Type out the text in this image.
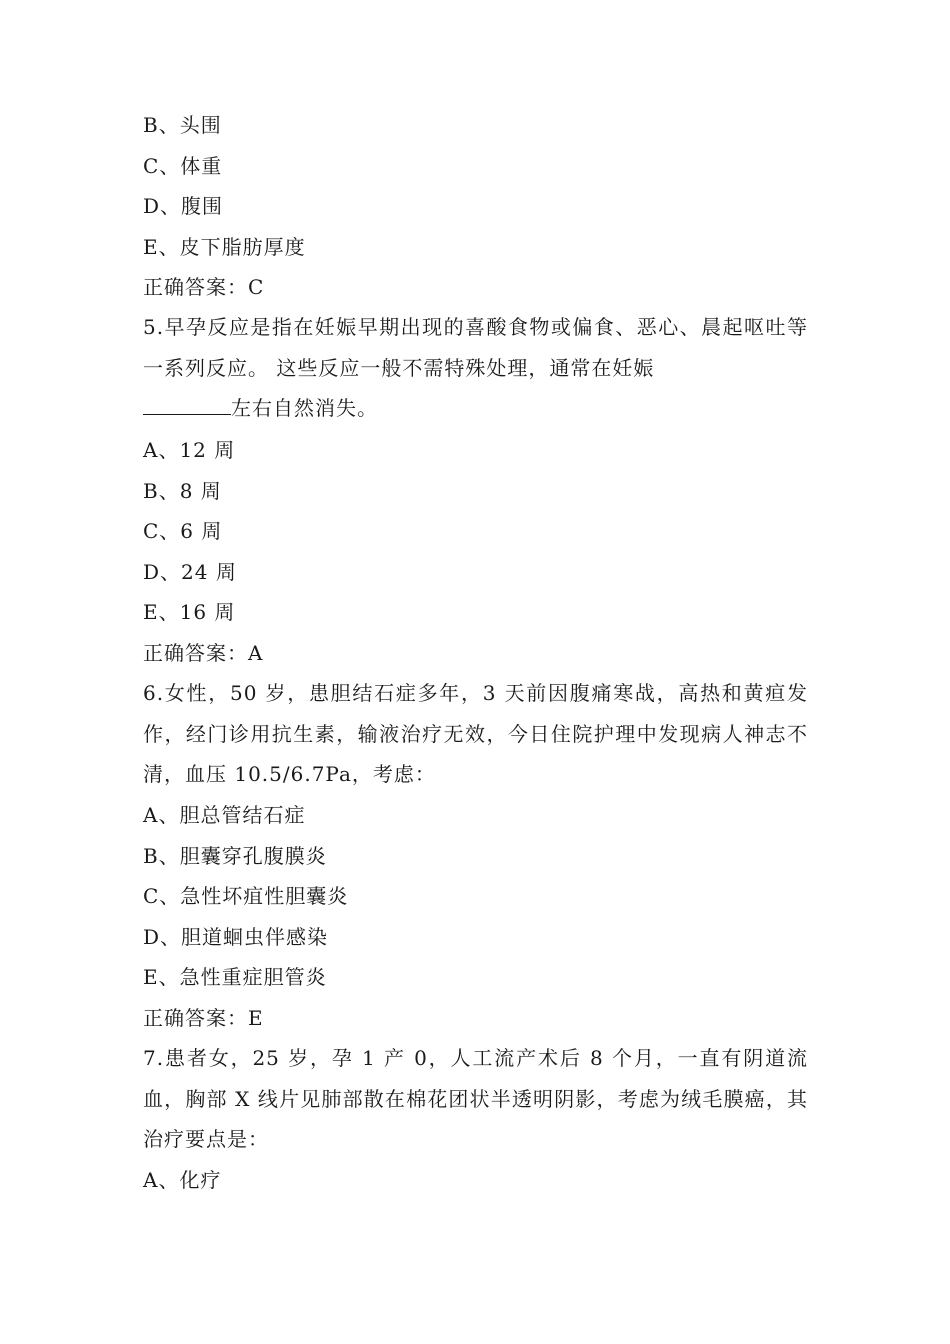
B、头围
C、体重
D、腹围
E、皮下脂肪厚度
正确答案：C
5.早孕反应是指在妊娠早期出现的喜酸食物或偏食、恶心、晨起呕吐等一系列反应。 这些反应一般不需特殊处理，通常在妊娠
左右自然消失。
A、12 周
B、8 周
C、6 周
D、24 周
E、16 周
正确答案：A
6.女性，50 岁，患胆结石症多年，3 天前因腹痛寒战，高热和黄疸发作，经门诊用抗生素，输液治疗无效，今日住院护理中发现病人神志不清，血压 10.5/6.7Pa，考虑：
A、胆总管结石症
B、胆囊穿孔腹膜炎
C、急性坏疽性胆囊炎
D、胆道蛔虫伴感染
E、急性重症胆管炎
正确答案：E
7.患者女，25 岁，孕 1 产 0，人工流产术后 8 个月，一直有阴道流血，胸部 X 线片见肺部散在棉花团状半透明阴影，考虑为绒毛膜癌，其治疗要点是：
A、化疗
